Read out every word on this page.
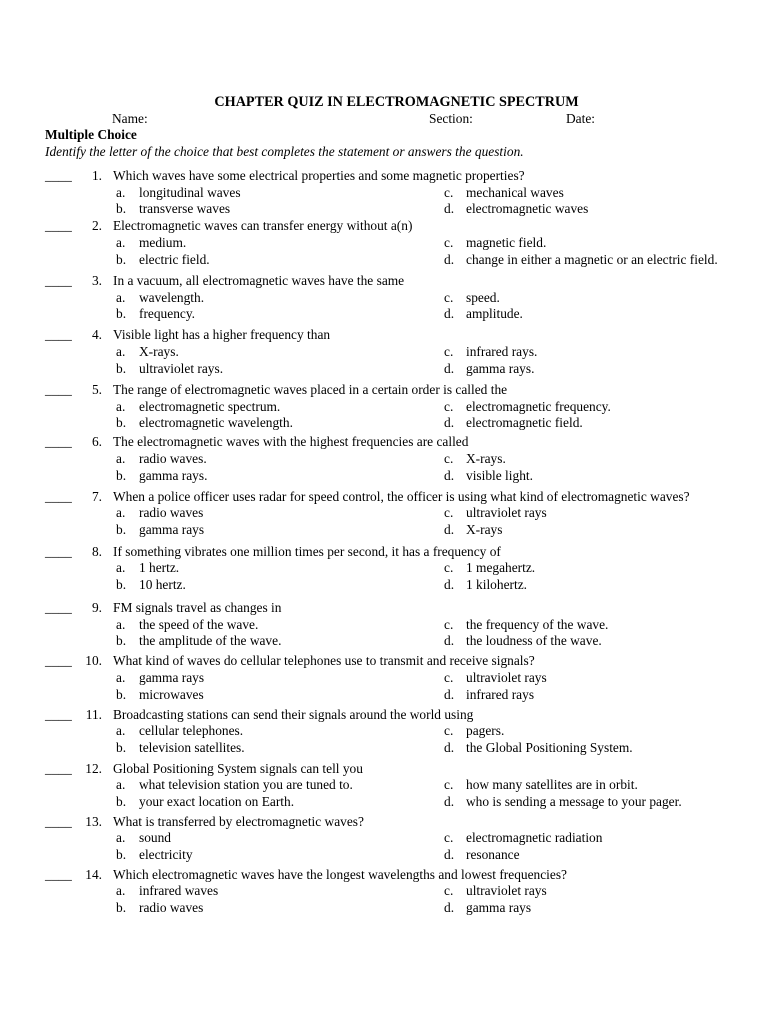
CHAPTER QUIZ IN ELECTROMAGNETIC SPECTRUM
Name:	Section:	Date:
Multiple Choice
Identify the letter of the choice that best completes the statement or answers the question.
____ 1. Which waves have some electrical properties and some magnetic properties?
a. longitudinal waves	c. mechanical waves
b. transverse waves	d. electromagnetic waves
____ 2. Electromagnetic waves can transfer energy without a(n)
a. medium.	c. magnetic field.
b. electric field.	d. change in either a magnetic or an electric field.
____ 3. In a vacuum, all electromagnetic waves have the same
a. wavelength.	c. speed.
b. frequency.	d. amplitude.
____ 4. Visible light has a higher frequency than
a. X-rays.	c. infrared rays.
b. ultraviolet rays.	d. gamma rays.
____ 5. The range of electromagnetic waves placed in a certain order is called the
a. electromagnetic spectrum.	c. electromagnetic frequency.
b. electromagnetic wavelength.	d. electromagnetic field.
____ 6. The electromagnetic waves with the highest frequencies are called
a. radio waves.	c. X-rays.
b. gamma rays.	d. visible light.
____ 7. When a police officer uses radar for speed control, the officer is using what kind of electromagnetic waves?
a. radio waves	c. ultraviolet rays
b. gamma rays	d. X-rays
____ 8. If something vibrates one million times per second, it has a frequency of
a. 1 hertz.	c. 1 megahertz.
b. 10 hertz.	d. 1 kilohertz.
____ 9. FM signals travel as changes in
a. the speed of the wave.	c. the frequency of the wave.
b. the amplitude of the wave.	d. the loudness of the wave.
____ 10. What kind of waves do cellular telephones use to transmit and receive signals?
a. gamma rays	c. ultraviolet rays
b. microwaves	d. infrared rays
____ 11. Broadcasting stations can send their signals around the world using
a. cellular telephones.	c. pagers.
b. television satellites.	d. the Global Positioning System.
____ 12. Global Positioning System signals can tell you
a. what television station you are tuned to.	c. how many satellites are in orbit.
b. your exact location on Earth.	d. who is sending a message to your pager.
____ 13. What is transferred by electromagnetic waves?
a. sound	c. electromagnetic radiation
b. electricity	d. resonance
____ 14. Which electromagnetic waves have the longest wavelengths and lowest frequencies?
a. infrared waves	c. ultraviolet rays
b. radio waves	d. gamma rays
